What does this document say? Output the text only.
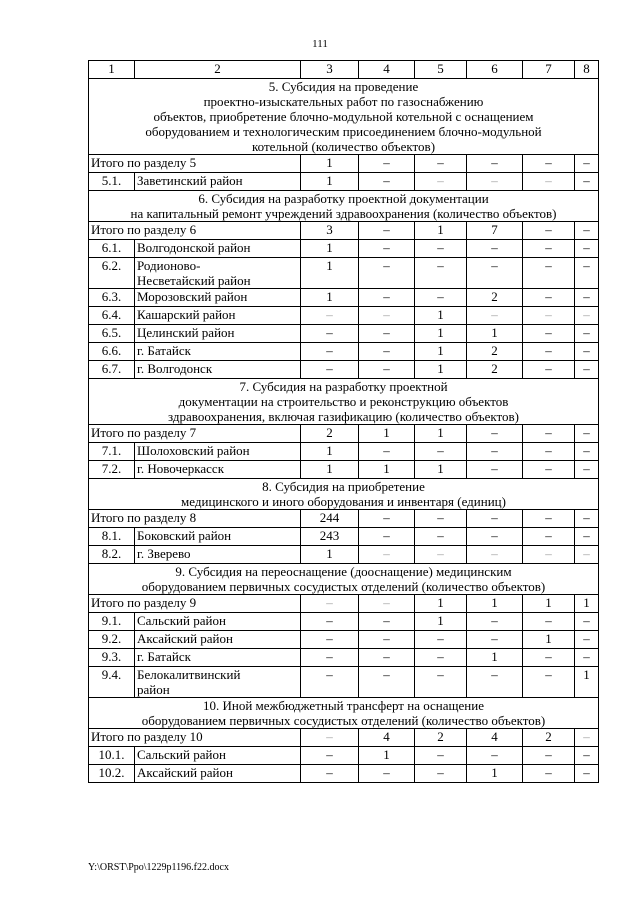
111
1	2	3	4	5	6	7	8

5. Субсидия на проведение
проектно-изыскательных работ по газоснабжению
объектов, приобретение блочно-модульной котельной с оснащением
оборудованием и технологическим присоединением блочно-модульной
котельной (количество объектов)							

Итого по разделу 5		1	–	–	–	–	–
5.1.	Заветинский район	1	–	–	–	–	–

6. Субсидия на разработку проектной документации
на капитальный ремонт учреждений здравоохранения (количество объектов)							

Итого по разделу 6		3	–	1	7	–	–
6.1.	Волгодонской район	1	–	–	–	–	–
6.2.	Родионово-
Несветайский район	1	–	–	–	–	–
6.3.	Морозовский район	1	–	–	2	–	–
6.4.	Кашарский район	–	–	1	–	–	–
6.5.	Целинский район	–	–	1	1	–	–
6.6.	г. Батайск	–	–	1	2	–	–
6.7.	г. Волгодонск	–	–	1	2	–	–

7. Субсидия на разработку проектной
документации на строительство и реконструкцию объектов
здравоохранения, включая газификацию (количество объектов)							

Итого по разделу 7		2	1	1	–	–	–
7.1.	Шолоховский район	1	–	–	–	–	–
7.2.	г. Новочеркасск	1	1	1	–	–	–

8. Субсидия на приобретение
медицинского и иного оборудования и инвентаря (единиц)							

Итого по разделу 8		244	–	–	–	–	–
8.1.	Боковский район	243	–	–	–	–	–
8.2.	г. Зверево	1	–	–	–	–	–

9. Субсидия на переоснащение (дооснащение) медицинским
оборудованием первичных сосудистых отделений (количество объектов)							

Итого по разделу 9		–	–	1	1	1	1
9.1.	Сальский район	–	–	1	–	–	–
9.2.	Аксайский район	–	–	–	–	1	–
9.3.	г. Батайск	–	–	–	1	–	–
9.4.	Белокалитвинский
район	–	–	–	–	–	1

10. Иной межбюджетный трансферт на оснащение
оборудованием первичных сосудистых отделений (количество объектов)							

Итого по разделу 10		–	4	2	4	2	–
10.1.	Сальский район	–	1	–	–	–	–
10.2.	Аксайский район	–	–	–	1	–	–
Y:\ORST\Ppo\1229p1196.f22.docx
